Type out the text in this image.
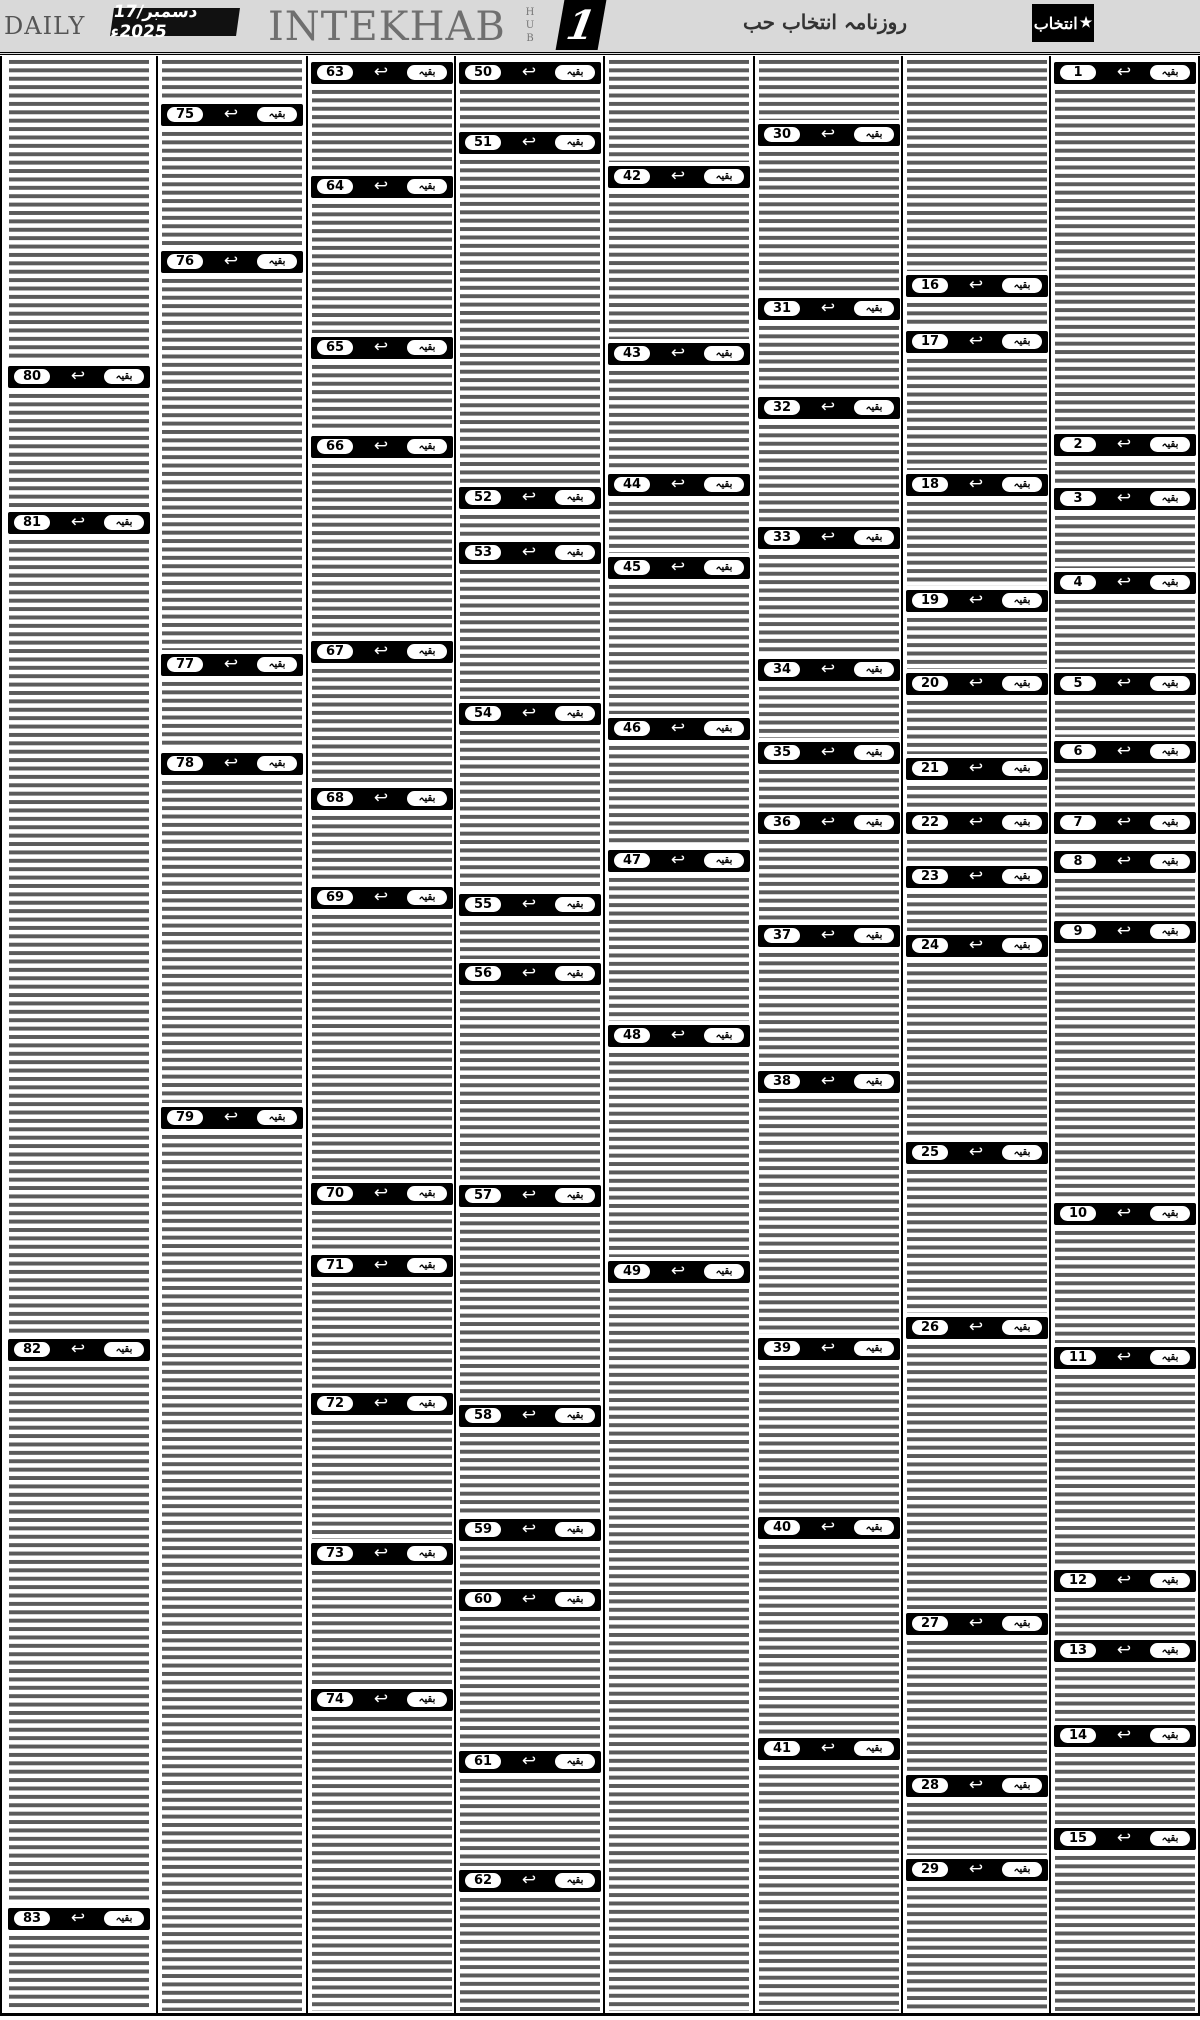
DAILY 17/دسمبر 2025ء	INTEKHAB H
U
B 1	روزنامہ انتخاب حب	انتخاب ★
1	↩	بقیہ
2	↩	بقیہ
3	↩	بقیہ
4	↩	بقیہ
5	↩	بقیہ
6	↩	بقیہ
7	↩	بقیہ
8	↩	بقیہ
9	↩	بقیہ
10	↩	بقیہ
11	↩	بقیہ
12	↩	بقیہ
13	↩	بقیہ
14	↩	بقیہ
15	↩	بقیہ
16	↩	بقیہ
17	↩	بقیہ
18	↩	بقیہ
19	↩	بقیہ
20	↩	بقیہ
21	↩	بقیہ
22	↩	بقیہ
23	↩	بقیہ
24	↩	بقیہ
25	↩	بقیہ
26	↩	بقیہ
27	↩	بقیہ
28	↩	بقیہ
29	↩	بقیہ
30	↩	بقیہ
31	↩	بقیہ
32	↩	بقیہ
33	↩	بقیہ
34	↩	بقیہ
35	↩	بقیہ
36	↩	بقیہ
37	↩	بقیہ
38	↩	بقیہ
39	↩	بقیہ
40	↩	بقیہ
41	↩	بقیہ
42	↩	بقیہ
43	↩	بقیہ
44	↩	بقیہ
45	↩	بقیہ
46	↩	بقیہ
47	↩	بقیہ
48	↩	بقیہ
49	↩	بقیہ
50	↩	بقیہ
51	↩	بقیہ
52	↩	بقیہ
53	↩	بقیہ
54	↩	بقیہ
55	↩	بقیہ
56	↩	بقیہ
57	↩	بقیہ
58	↩	بقیہ
59	↩	بقیہ
60	↩	بقیہ
61	↩	بقیہ
62	↩	بقیہ
63	↩	بقیہ
64	↩	بقیہ
65	↩	بقیہ
66	↩	بقیہ
67	↩	بقیہ
68	↩	بقیہ
69	↩	بقیہ
70	↩	بقیہ
71	↩	بقیہ
72	↩	بقیہ
73	↩	بقیہ
74	↩	بقیہ
75	↩	بقیہ
76	↩	بقیہ
77	↩	بقیہ
78	↩	بقیہ
79	↩	بقیہ
80	↩	بقیہ
81	↩	بقیہ
82	↩	بقیہ
83	↩	بقیہ
